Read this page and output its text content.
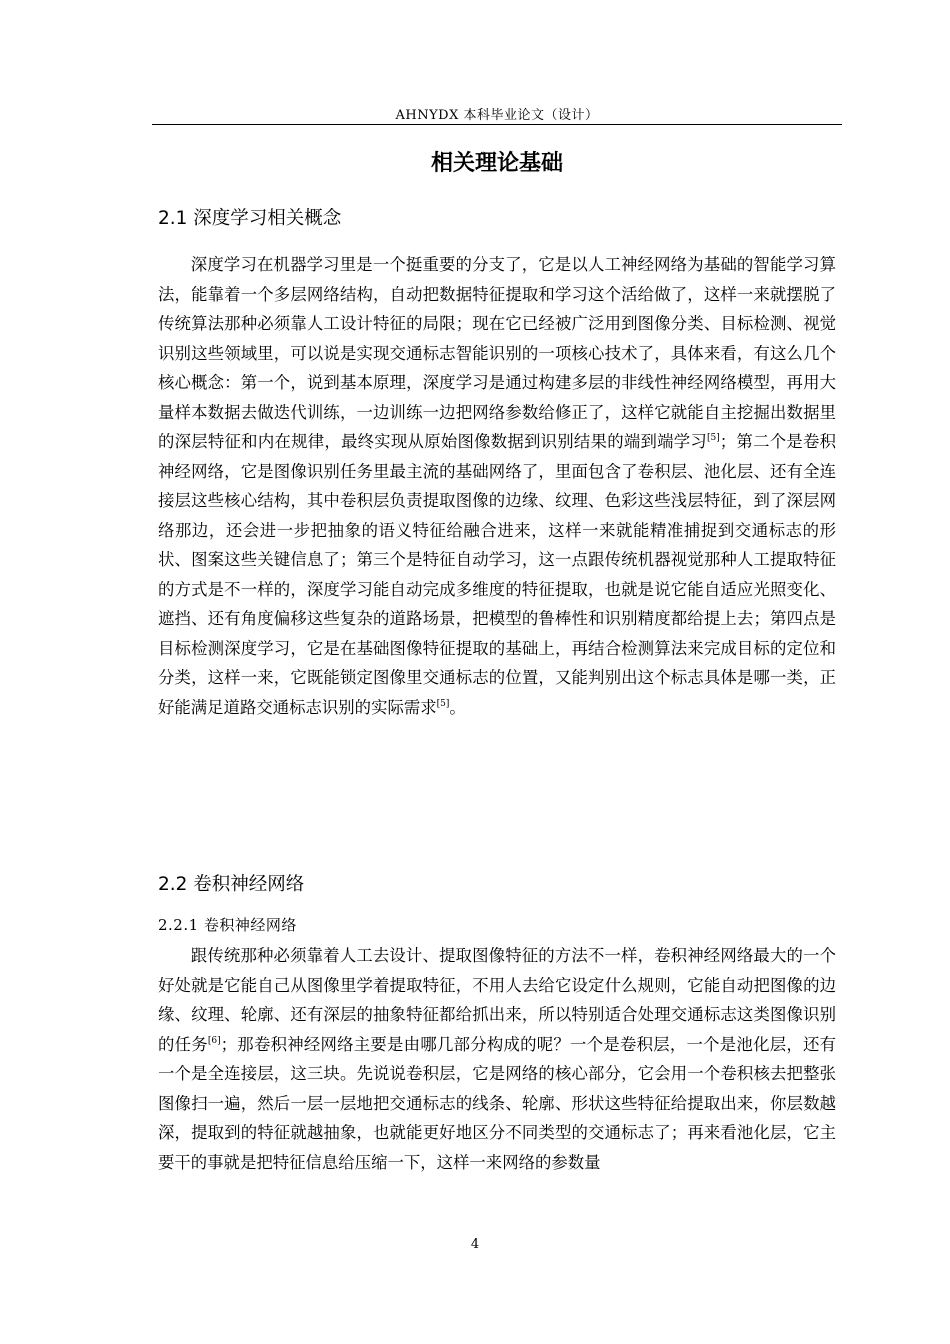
AHNYDX 本科毕业论文（设计）
相关理论基础
2.1 深度学习相关概念

深度学习在机器学习里是一个挺重要的分支了，它是以人工神经网络为基础的智能学习算法，能靠着一个多层网络结构，自动把数据特征提取和学习这个活给做了，这样一来就摆脱了传统算法那种必须靠人工设计特征的局限；现在它已经被广泛用到图像分类、目标检测、视觉识别这些领域里，可以说是实现交通标志智能识别的一项核心技术了，具体来看，有这么几个核心概念：第一个，说到基本原理，深度学习是通过构建多层的非线性神经网络模型，再用大量样本数据去做迭代训练，一边训练一边把网络参数给修正了，这样它就能自主挖掘出数据里的深层特征和内在规律，最终实现从原始图像数据到识别结果的端到端学习[5]；第二个是卷积神经网络，它是图像识别任务里最主流的基础网络了，里面包含了卷积层、池化层、还有全连接层这些核心结构，其中卷积层负责提取图像的边缘、纹理、色彩这些浅层特征，到了深层网络那边，还会进一步把抽象的语义特征给融合进来，这样一来就能精准捕捉到交通标志的形状、图案这些关键信息了；第三个是特征自动学习，这一点跟传统机器视觉那种人工提取特征的方式是不一样的，深度学习能自动完成多维度的特征提取，也就是说它能自适应光照变化、遮挡、还有角度偏移这些复杂的道路场景，把模型的鲁棒性和识别精度都给提上去；第四点是目标检测深度学习，它是在基础图像特征提取的基础上，再结合检测算法来完成目标的定位和分类，这样一来，它既能锁定图像里交通标志的位置，又能判别出这个标志具体是哪一类，正好能满足道路交通标志识别的实际需求[5]。

2.2 卷积神经网络
2.2.1 卷积神经网络

跟传统那种必须靠着人工去设计、提取图像特征的方法不一样，卷积神经网络最大的一个好处就是它能自己从图像里学着提取特征，不用人去给它设定什么规则，它能自动把图像的边缘、纹理、轮廓、还有深层的抽象特征都给抓出来，所以特别适合处理交通标志这类图像识别的任务[6]；那卷积神经网络主要是由哪几部分构成的呢？一个是卷积层，一个是池化层，还有一个是全连接层，这三块。先说说卷积层，它是网络的核心部分，它会用一个卷积核去把整张图像扫一遍，然后一层一层地把交通标志的线条、轮廓、形状这些特征给提取出来，你层数越深，提取到的特征就越抽象，也就能更好地区分不同类型的交通标志了；再来看池化层，它主要干的事就是把特征信息给压缩一下，这样一来网络的参数量

4
